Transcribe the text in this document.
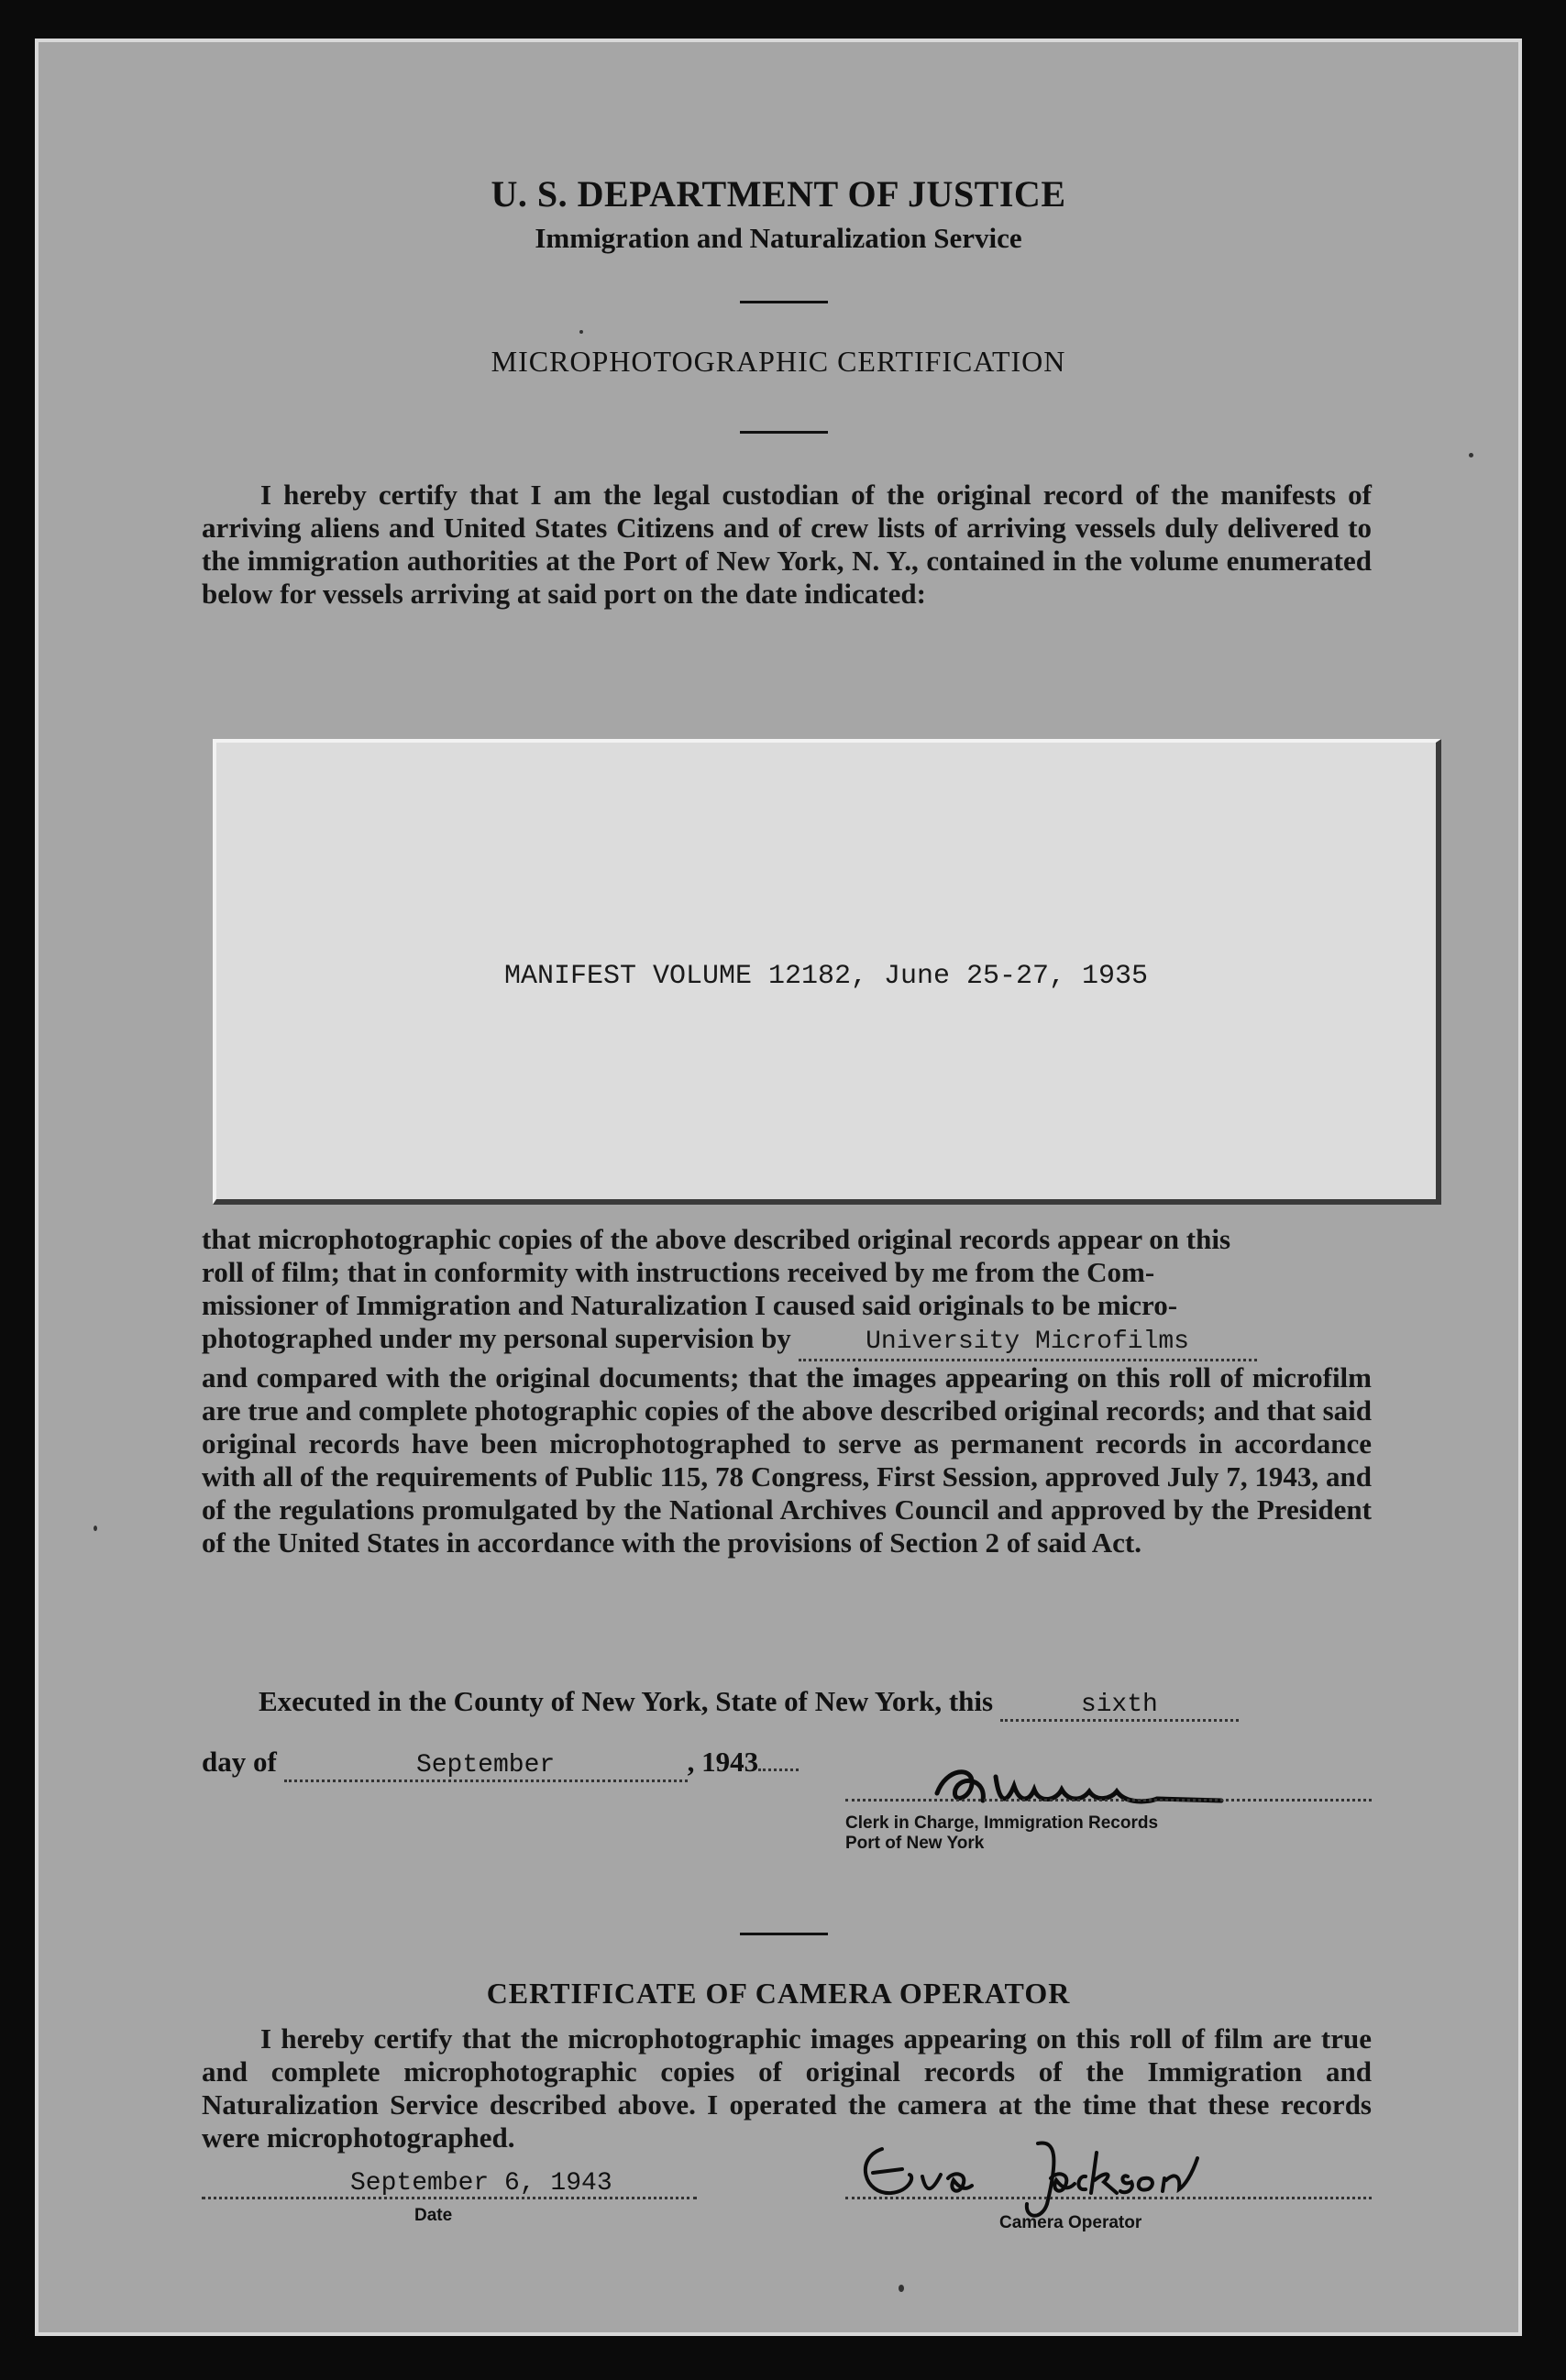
U. S. DEPARTMENT OF JUSTICE
Immigration and Naturalization Service
MICROPHOTOGRAPHIC CERTIFICATION
I hereby certify that I am the legal custodian of the original record of the manifests of arriving aliens and United States Citizens and of crew lists of arriving vessels duly delivered to the immigration authorities at the Port of New York, N. Y., contained in the volume enumerated below for vessels arriving at said port on the date indicated:
MANIFEST VOLUME 12182, June 25-27, 1935
that microphotographic copies of the above described original records appear on this
roll of film; that in conformity with instructions received by me from the Com-
missioner of Immigration and Naturalization I caused said originals to be micro-
photographed under my personal supervision by	University Microfilms
and compared with the original documents; that the images appearing on this roll of microfilm are true and complete photographic copies of the above described original records; and that said original records have been microphotographed to serve as permanent records in accordance with all of the requirements of Public 115, 78 Congress, First Session, approved July 7, 1943, and of the regulations promulgated by the National Archives Council and approved by the President of the United States in accordance with the provisions of Section 2 of said Act.
Executed in the County of New York, State of New York, this	sixth
day of	September	, 1943
Clerk in Charge, Immigration Records
Port of New York
CERTIFICATE OF CAMERA OPERATOR
I hereby certify that the microphotographic images appearing on this roll of film are true and complete microphotographic copies of original records of the Immigration and Naturalization Service described above. I operated the camera at the time that these records were microphotographed.
September 6, 1943
Date	Camera Operator
